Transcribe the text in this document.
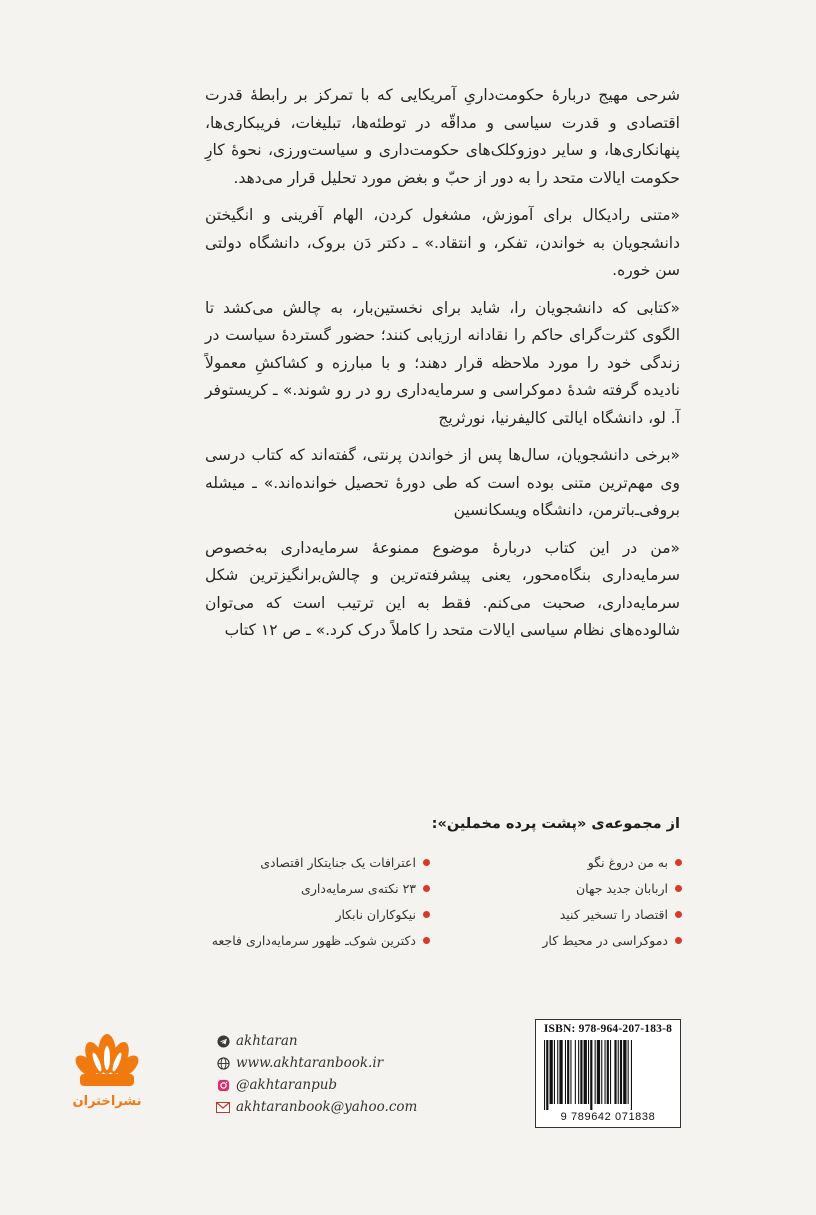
شرحی مهیج دربارهٔ حکومت‌داریِ آمریکایی که با تمرکز بر رابطهٔ قدرت اقتصادی و قدرت سیاسی و مداقّه در توطئه‌ها، تبلیغات، فریبکاری‌ها، پنهانکاری‌ها، و سایر دوزوکلک‌های حکومت‌داری و سیاست‌ورزی، نحوهٔ کارِ حکومت ایالات متحد را به دور از حبّ و بغض مورد تحلیل قرار می‌دهد.

«متنی رادیکال برای آموزش، مشغول کردن، الهام آفرینی و انگیختن دانشجویان به خواندن، تفکر، و انتقاد.» ـ دکتر دَن بروک، دانشگاه دولتی سن خوره.

«کتابی که دانشجویان را، شاید برای نخستین‌بار، به چالش می‌کشد تا الگوی کثرت‌گرای حاکم را نقادانه ارزیابی کنند؛ حضور گستردهٔ سیاست در زندگی خود را مورد ملاحظه قرار دهند؛ و با مبارزه و کشاکشِ معمولاً نادیده گرفته شدهٔ دموکراسی و سرمایه‌داری رو در رو شوند.» ـ کریستوفر آ. لو، دانشگاه ایالتی کالیفرنیا، نورثریج

«برخی دانشجویان، سال‌ها پس از خواندن پرنتی، گفته‌اند که کتاب درسی وی مهم‌ترین متنی بوده است که طی دورهٔ تحصیل خوانده‌اند.» ـ میشله بروفی‌ـ‌باترمن، دانشگاه ویسکانسین

«من در این کتاب دربارهٔ موضوع ممنوعهٔ سرمایه‌داری به‌خصوص سرمایه‌داری بنگاه‌محور، یعنی پیشرفته‌ترین و چالش‌برانگیزترین شکل سرمایه‌داری، صحبت می‌کنم. فقط به این ترتیب است که می‌توان شالوده‌های نظام سیاسی ایالات متحد را کاملاً درک کرد.» ـ ص ۱۲ کتاب

از مجموعه‌ی «پشت پرده مخملین»:
به من دروغ نگو
اربابان جدید جهان
اقتصاد را تسخیر کنید
دموکراسی در محیط کار
اعترافات یک جنایتکار اقتصادی
۲۳ نکته‌ی سرمایه‌داری
نیکوکاران نابکار
دکترین شوک‌ـ ظهور سرمایه‌داری فاجعه
akhtaran
www.akhtaranbook.ir
@akhtaranpub
akhtaranbook@yahoo.com
ISBN: 978-964-207-183-8
9 789642 071838
نشراختران
